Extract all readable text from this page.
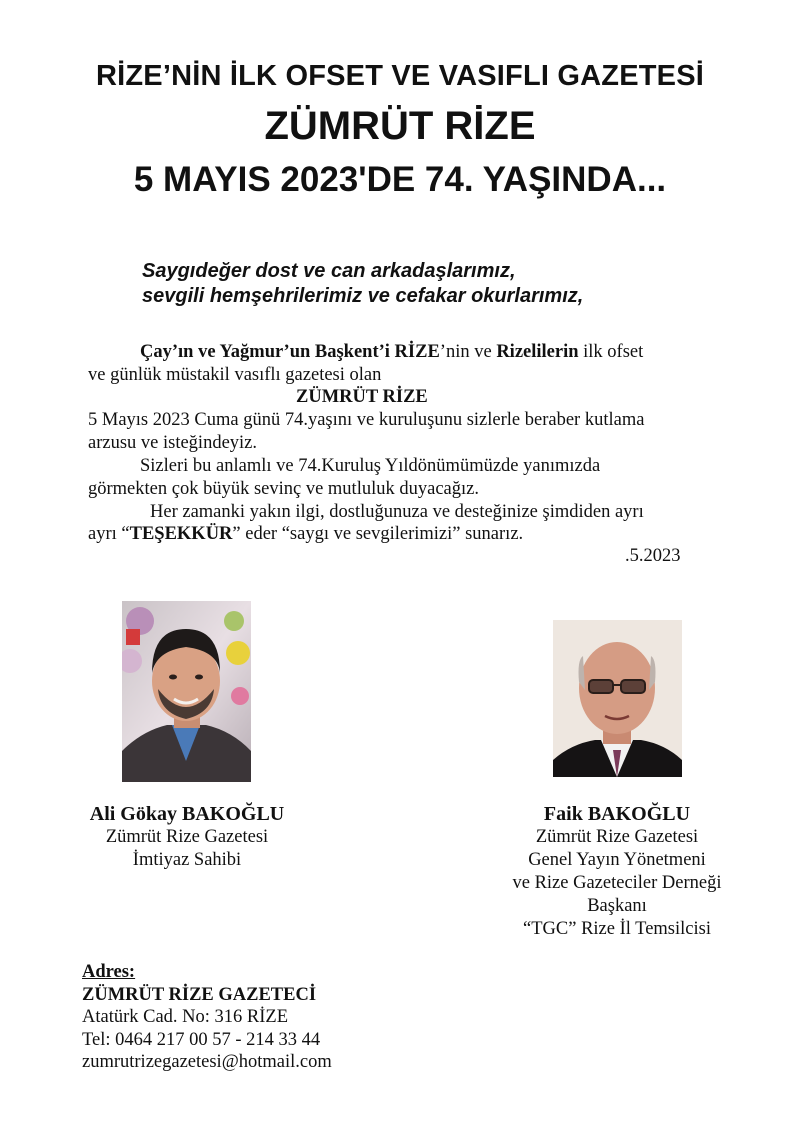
RİZE’NİN İLK OFSET VE VASIFLI GAZETESİ
ZÜMRÜT RİZE
5 MAYIS 2023'DE 74. YAŞINDA...
Saygıdeğer dost ve can arkadaşlarımız,
sevgili hemşehrilerimiz ve cefakar okurlarımız,
Çay’ın ve Yağmur’un Başkent’i RİZE’nin ve Rizelilerin ilk ofset
ve günlük müstakil vasıflı gazetesi olan
ZÜMRÜT RİZE
5 Mayıs 2023 Cuma günü 74.yaşını ve kuruluşunu sizlerle beraber kutlama
arzusu ve isteğindeyiz.
Sizleri bu anlamlı ve 74.Kuruluş Yıldönümümüzde yanımızda
görmekten çok büyük sevinç ve mutluluk duyacağız.
Her zamanki yakın ilgi, dostluğunuza ve desteğinize şimdiden ayrı
ayrı “TEŞEKKÜR” eder “saygı ve sevgilerimizi” sunarız.
.5.2023
Ali Gökay BAKOĞLU
Zümrüt Rize Gazetesi
İmtiyaz Sahibi
Faik BAKOĞLU
Zümrüt Rize Gazetesi
Genel Yayın Yönetmeni
ve Rize Gazeteciler Derneği
Başkanı
“TGC” Rize İl Temsilcisi
Adres:
ZÜMRÜT RİZE GAZETECİ
Atatürk Cad. No: 316 RİZE
Tel: 0464 217 00 57 - 214 33 44
zumrutrizegazetesi@hotmail.com
